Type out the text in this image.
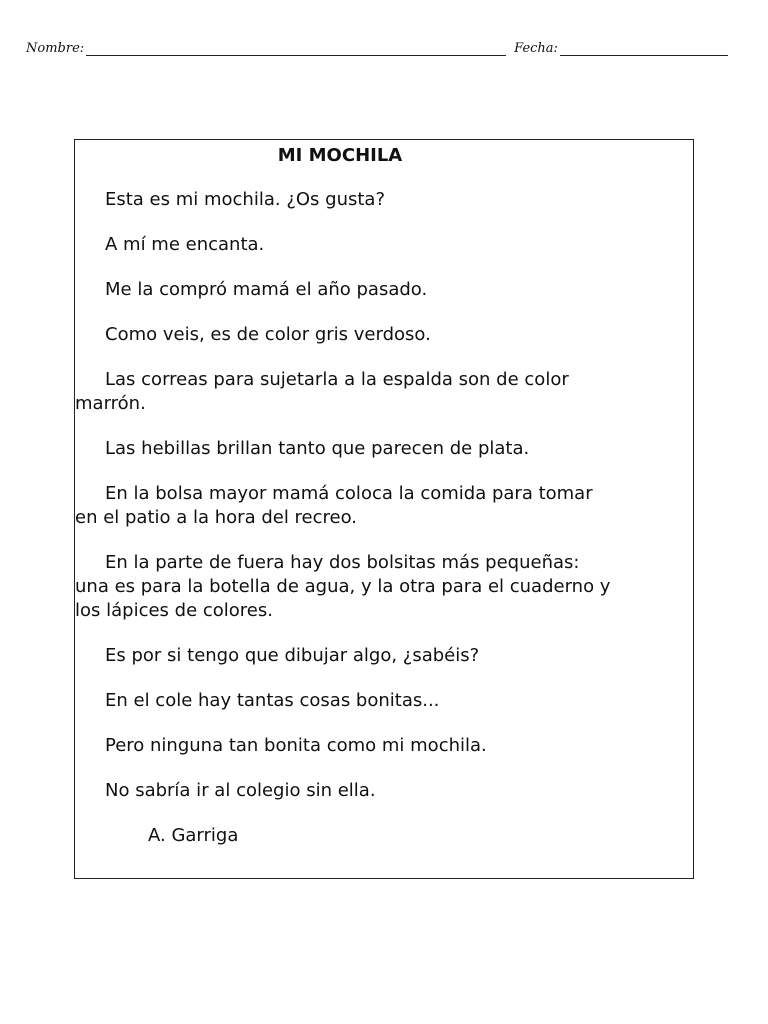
Nombre:	Fecha:
MI MOCHILA

Esta es mi mochila. ¿Os gusta?

A mí me encanta.

Me la compró mamá el año pasado.

Como veis, es de color gris verdoso.

Las correas para sujetarla a la espalda son de color
marrón.

Las hebillas brillan tanto que parecen de plata.

En la bolsa mayor mamá coloca la comida para tomar
en el patio a la hora del recreo.

En la parte de fuera hay dos bolsitas más pequeñas:
una es para la botella de agua, y la otra para el cuaderno y
los lápices de colores.

Es por si tengo que dibujar algo, ¿sabéis?

En el cole hay tantas cosas bonitas...

Pero ninguna tan bonita como mi mochila.

No sabría ir al colegio sin ella.

A. Garriga
